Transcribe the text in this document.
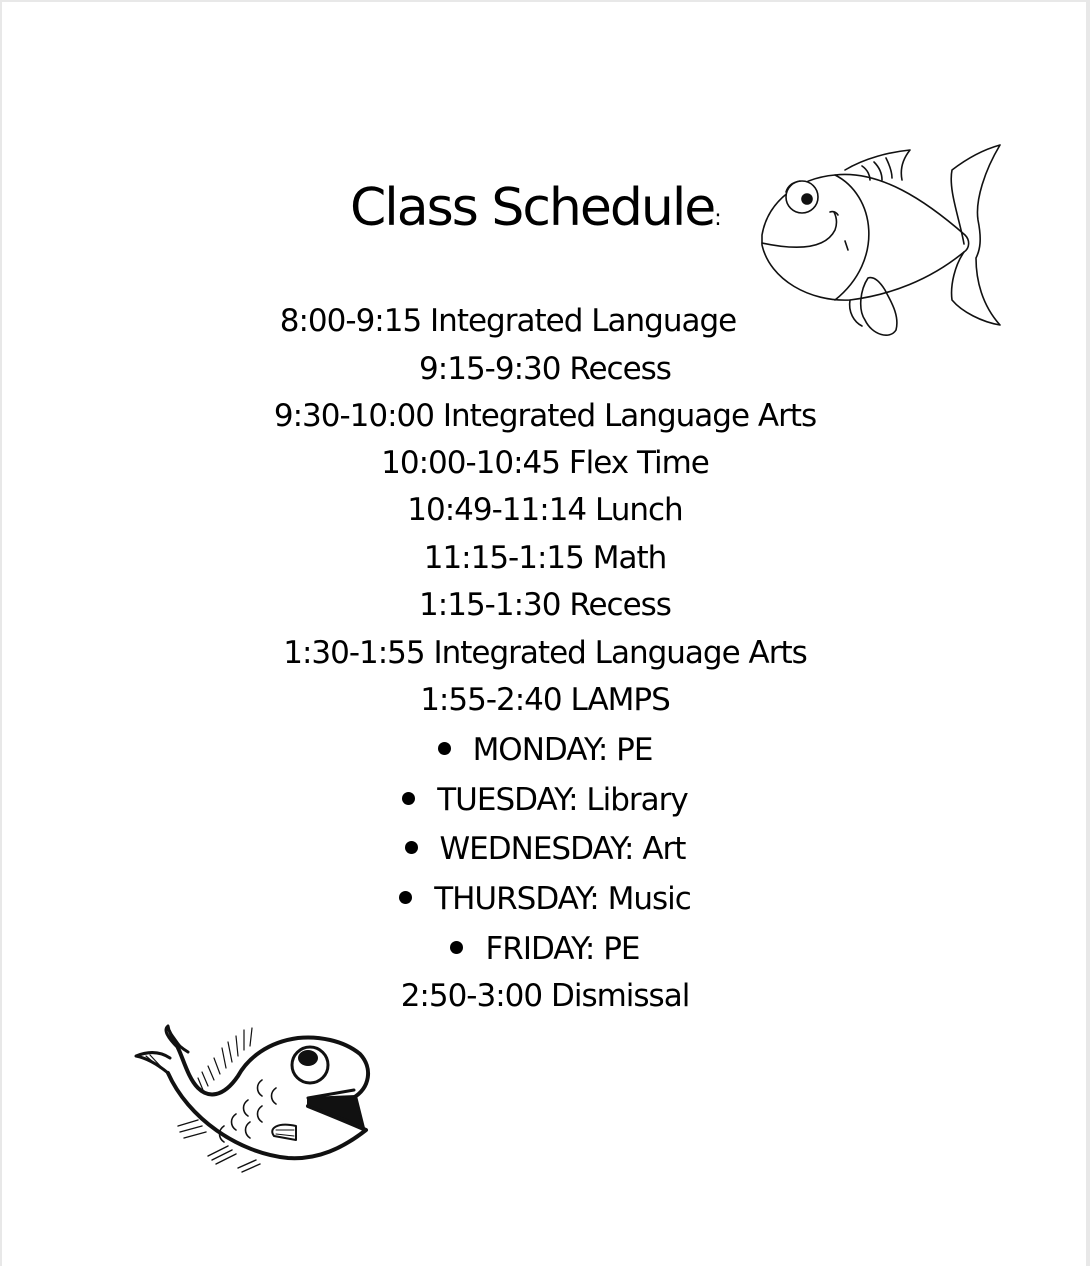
Class Schedule:
8:00-9:15 Integrated Language
9:15-9:30 Recess
9:30-10:00 Integrated Language Arts
10:00-10:45 Flex Time
10:49-11:14 Lunch
11:15-1:15 Math
1:15-1:30 Recess
1:30-1:55 Integrated Language Arts
1:55-2:40 LAMPS
MONDAY: PE
TUESDAY: Library
WEDNESDAY: Art
THURSDAY: Music
FRIDAY: PE
2:50-3:00 Dismissal
